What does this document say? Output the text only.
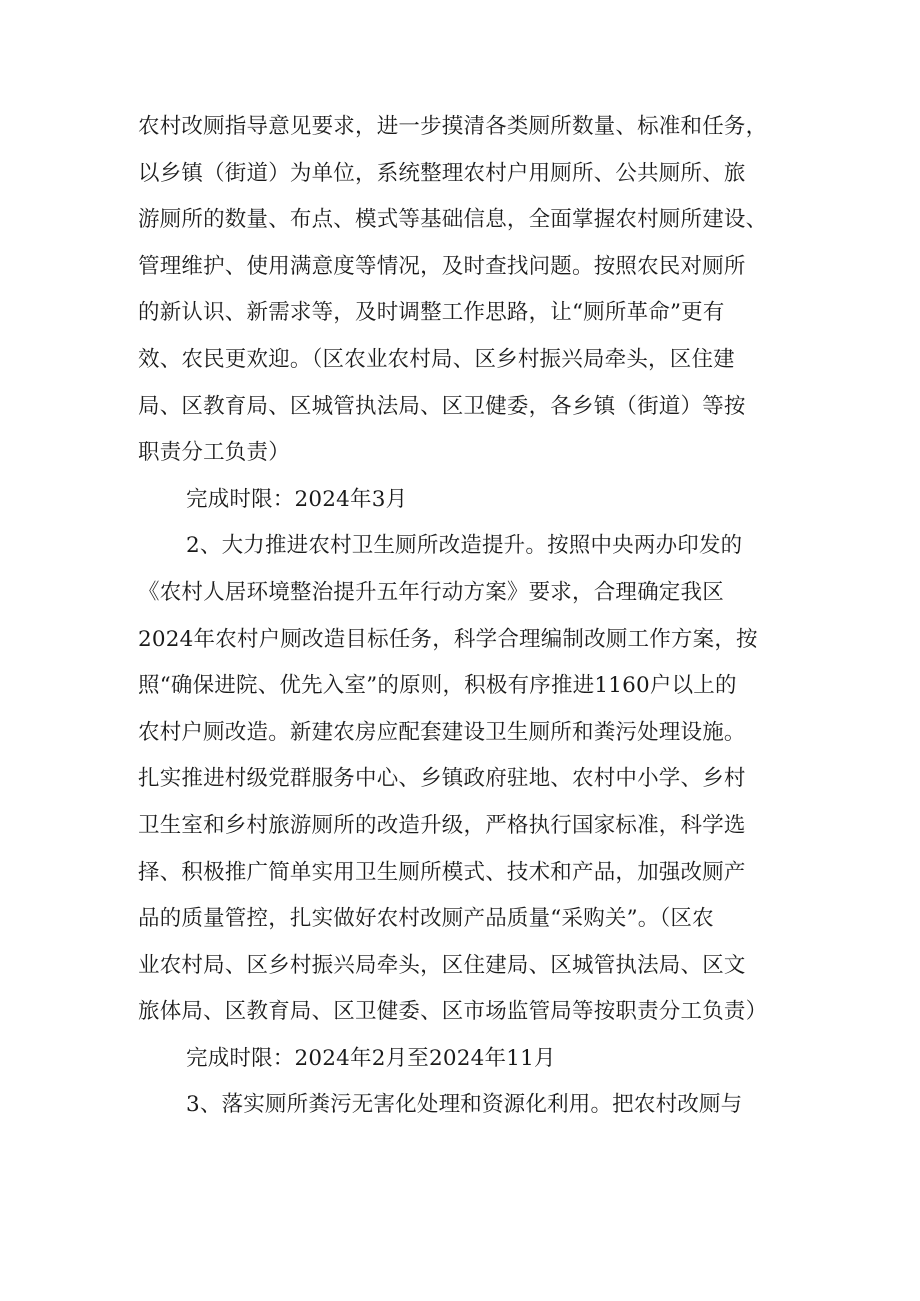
农村改厕指导意见要求，进一步摸清各类厕所数量、标准和任务，
以乡镇（街道）为单位，系统整理农村户用厕所、公共厕所、旅
游厕所的数量、布点、模式等基础信息，全面掌握农村厕所建设、
管理维护、使用满意度等情况，及时查找问题。按照农民对厕所
的新认识、新需求等，及时调整工作思路，让“厕所革命”更有
效、农民更欢迎。（区农业农村局、区乡村振兴局牵头，区住建
局、区教育局、区城管执法局、区卫健委，各乡镇（街道）等按
职责分工负责）
完成时限：2024年3月
2、大力推进农村卫生厕所改造提升。按照中央两办印发的
《农村人居环境整治提升五年行动方案》要求，合理确定我区
2024年农村户厕改造目标任务，科学合理编制改厕工作方案，按
照“确保进院、优先入室”的原则，积极有序推进1160户以上的
农村户厕改造。新建农房应配套建设卫生厕所和粪污处理设施。
扎实推进村级党群服务中心、乡镇政府驻地、农村中小学、乡村
卫生室和乡村旅游厕所的改造升级，严格执行国家标准，科学选
择、积极推广简单实用卫生厕所模式、技术和产品，加强改厕产
品的质量管控，扎实做好农村改厕产品质量“采购关”。（区农
业农村局、区乡村振兴局牵头，区住建局、区城管执法局、区文
旅体局、区教育局、区卫健委、区市场监管局等按职责分工负责）
完成时限：2024年2月至2024年11月
3、落实厕所粪污无害化处理和资源化利用。把农村改厕与
